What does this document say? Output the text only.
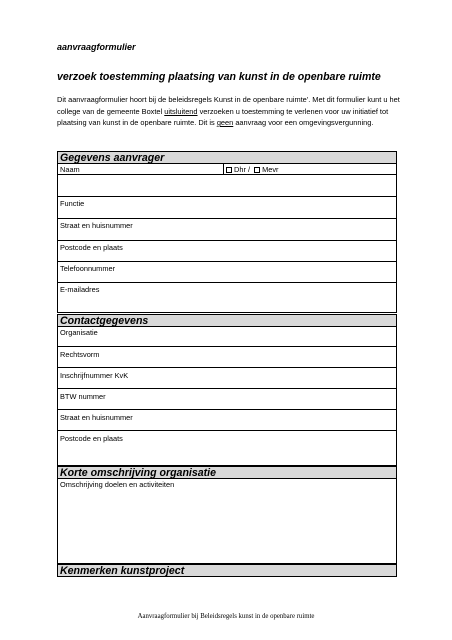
aanvraagformulier
verzoek toestemming plaatsing van kunst in de openbare ruimte
Dit aanvraagformulier hoort bij de beleidsregels Kunst in de openbare ruimte'. Met dit formulier kunt u het college van de gemeente Boxtel uitsluitend verzoeken u toestemming te verlenen voor uw initiatief tot plaatsing van kunst in de openbare ruimte. Dit is geen aanvraag voor een omgevingsvergunning.
Gegevens aanvrager
Naam	Dhr / Mevr
Functie
Straat en huisnummer
Postcode en plaats
Telefoonnummer
E-mailadres
Contactgegevens
Organisatie
Rechtsvorm
Inschrijfnummer KvK
BTW nummer
Straat en huisnummer
Postcode en plaats
Korte omschrijving organisatie
Omschrijving doelen en activiteiten
Kenmerken kunstproject
Aanvraagformulier bij Beleidsregels kunst in de openbare ruimte
